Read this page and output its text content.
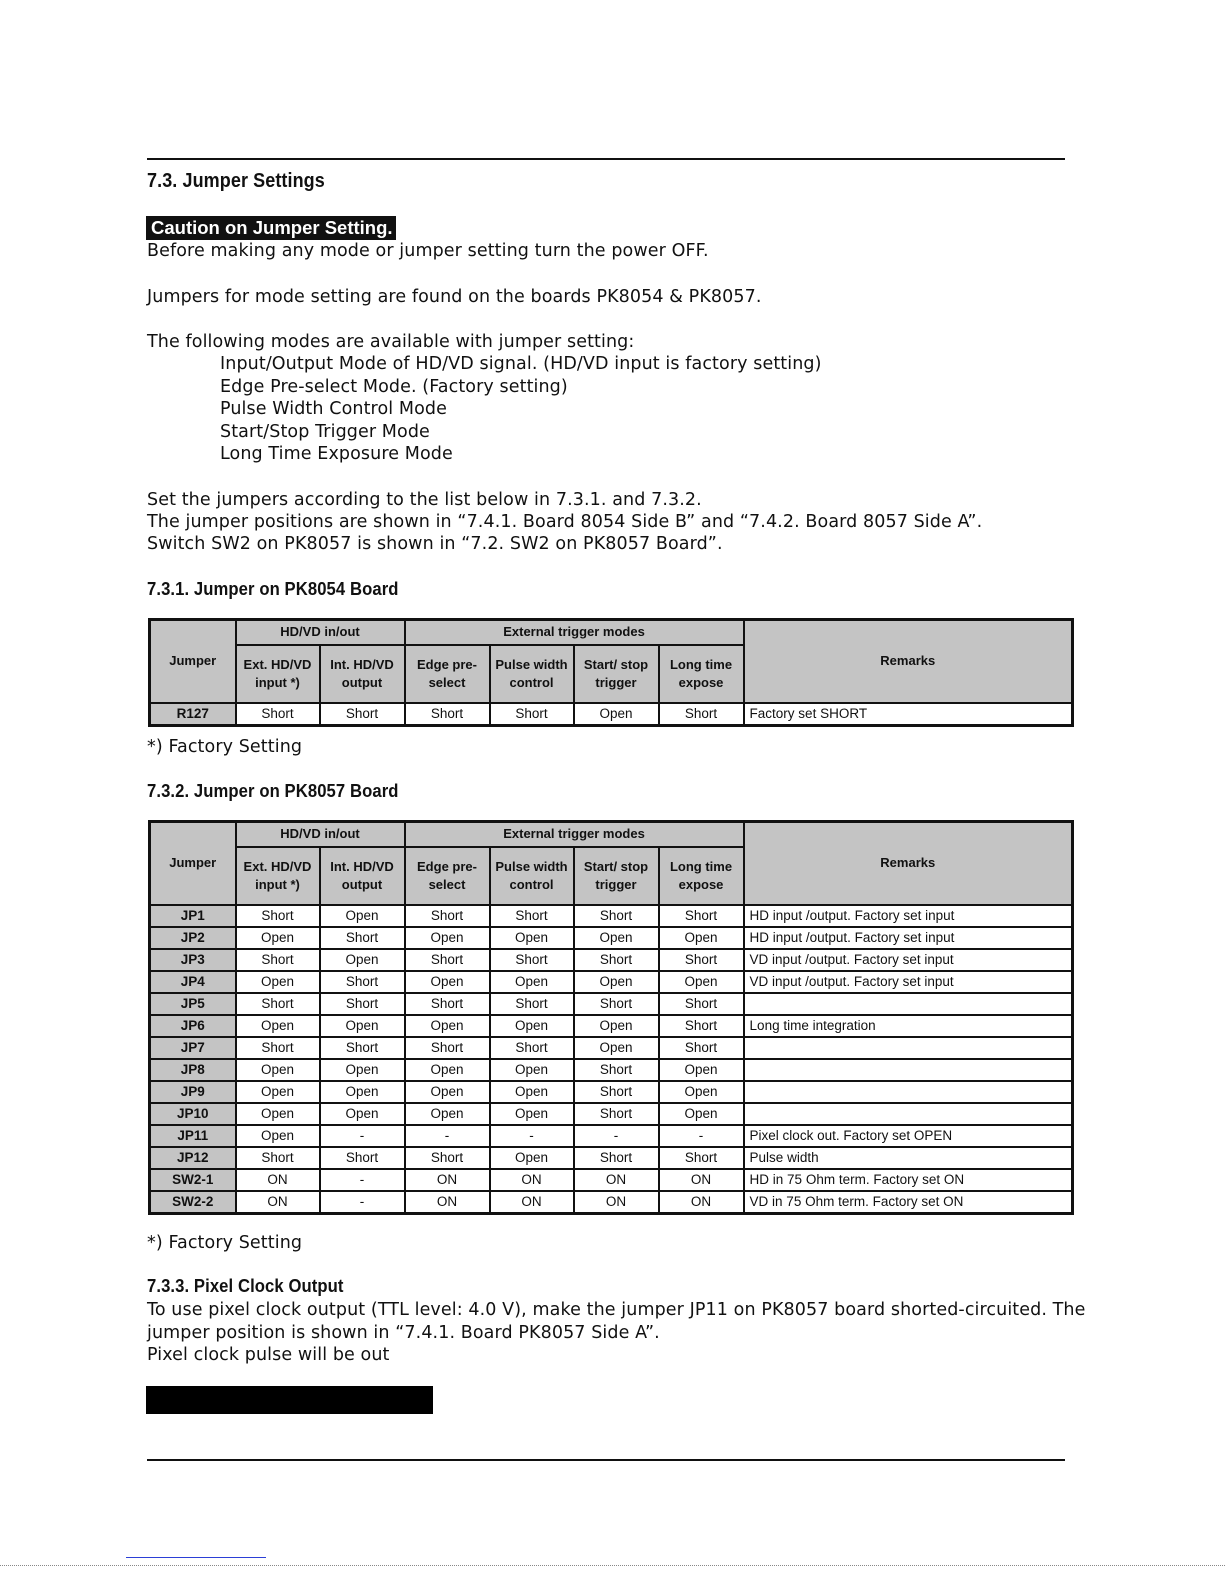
7.3. Jumper Settings
Caution on Jumper Setting.
Before making any mode or jumper setting turn the power OFF.
Jumpers for mode setting are found on the boards PK8054 & PK8057.
The following modes are available with jumper setting:
Input/Output Mode of HD/VD signal. (HD/VD input is factory setting)
Edge Pre-select Mode. (Factory setting)
Pulse Width Control Mode
Start/Stop Trigger Mode
Long Time Exposure Mode
Set the jumpers according to the list below in 7.3.1. and 7.3.2.
The jumper positions are shown in “7.4.1. Board 8054 Side B” and “7.4.2. Board 8057 Side A”.
Switch SW2 on PK8057 is shown in “7.2. SW2 on PK8057 Board”.
7.3.1. Jumper on PK8054 Board
Jumper	HD/VD in/out		External trigger modes				Remarks
	Ext. HD/VD input *)	Int. HD/VD output	Edge pre-select	Pulse width control	Start/ stop trigger	Long time expose	
R127	Short	Short	Short	Short	Open	Short	Factory set SHORT
*) Factory Setting
7.3.2. Jumper on PK8057 Board
Jumper	HD/VD in/out		External trigger modes				Remarks
	Ext. HD/VD input *)	Int. HD/VD output	Edge pre-select	Pulse width control	Start/ stop trigger	Long time expose	
JP1	Short	Open	Short	Short	Short	Short	HD input /output. Factory set input
JP2	Open	Short	Open	Open	Open	Open	HD input /output. Factory set input
JP3	Short	Open	Short	Short	Short	Short	VD input /output. Factory set input
JP4	Open	Short	Open	Open	Open	Open	VD input /output. Factory set input
JP5	Short	Short	Short	Short	Short	Short	
JP6	Open	Open	Open	Open	Open	Short	Long time integration
JP7	Short	Short	Short	Short	Open	Short	
JP8	Open	Open	Open	Open	Short	Open	
JP9	Open	Open	Open	Open	Short	Open	
JP10	Open	Open	Open	Open	Short	Open	
JP11	Open	-	-	-	-	-	Pixel clock out. Factory set OPEN
JP12	Short	Short	Short	Open	Short	Short	Pulse width
SW2-1	ON	-	ON	ON	ON	ON	HD in 75 Ohm term. Factory set ON
SW2-2	ON	-	ON	ON	ON	ON	VD in 75 Ohm term. Factory set ON
*) Factory Setting
7.3.3. Pixel Clock Output
To use pixel clock output (TTL level: 4.0 V), make the jumper JP11 on PK8057 board shorted-circuited. The
jumper position is shown in “7.4.1. Board PK8057 Side A”.
Pixel clock pulse will be out
